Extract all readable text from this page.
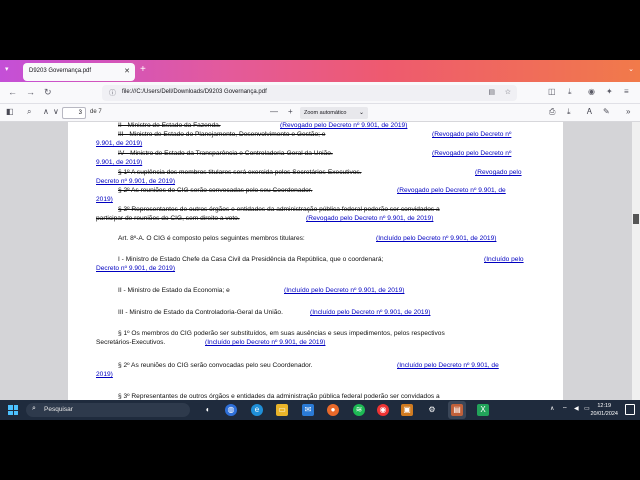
▾	D9203 Governança.pdf	✕ +	⌄
← → ↻	ⓘ file:///C:/Users/Dell/Downloads/D9203 Governança.pdf	▤ ☆	◫ ⤓ ◉ ✦ ≡
◧ ⌕ ∧ ∨	3	de 7	— +	Zoom automático ⌄	⎙ ⤓ Ꭺ ✎ »
II - Ministro de Estado da Fazenda.	(Revogado pelo Decreto nº 9.901, de 2019)
III - Ministro de Estado do Planejamento, Desenvolvimento e Gestão; e	(Revogado pelo Decreto nº
9.901, de 2019)
IV - Ministro de Estado da Transparência e Controladoria-Geral da União.	(Revogado pelo Decreto nº
9.901, de 2019)
§ 1º A suplência dos membros titulares será exercida pelos Secretários-Executivos.	(Revogado pelo
Decreto nº 9.901, de 2019)
§ 2º As reuniões do CIG serão convocadas pelo seu Coordenador.	(Revogado pelo Decreto nº 9.901, de
2019)
§ 3º Representantes de outros órgãos e entidades da administração pública federal poderão ser convidados a
participar de reuniões do CIG, sem direito a voto.	(Revogado pelo Decreto nº 9.901, de 2019)
Art. 8º-A. O CIG é composto pelos seguintes membros titulares:	(Incluído pelo Decreto nº 9.901, de 2019)
I - Ministro de Estado Chefe da Casa Civil da Presidência da República, que o coordenará;	(Incluído pelo
Decreto nº 9.901, de 2019)
II - Ministro de Estado da Economia; e	(Incluído pelo Decreto nº 9.901, de 2019)
III - Ministro de Estado da Controladoria-Geral da União.	(Incluído pelo Decreto nº 9.901, de 2019)
§ 1º Os membros do CIG poderão ser substituídos, em suas ausências e seus impedimentos, pelos respectivos
Secretários-Executivos.	(Incluído pelo Decreto nº 9.901, de 2019)
§ 2º As reuniões do CIG serão convocadas pelo seu Coordenador.	(Incluído pelo Decreto nº 9.901, de
2019)
§ 3º Representantes de outros órgãos e entidades da administração pública federal poderão ser convidados a
⌕ Pesquisar	◐	◍	e	▭	✉	●	≋	◉	▣	⚙	▤	X	∧ ⌔ ◀ ▭	12:19
20/01/2024
